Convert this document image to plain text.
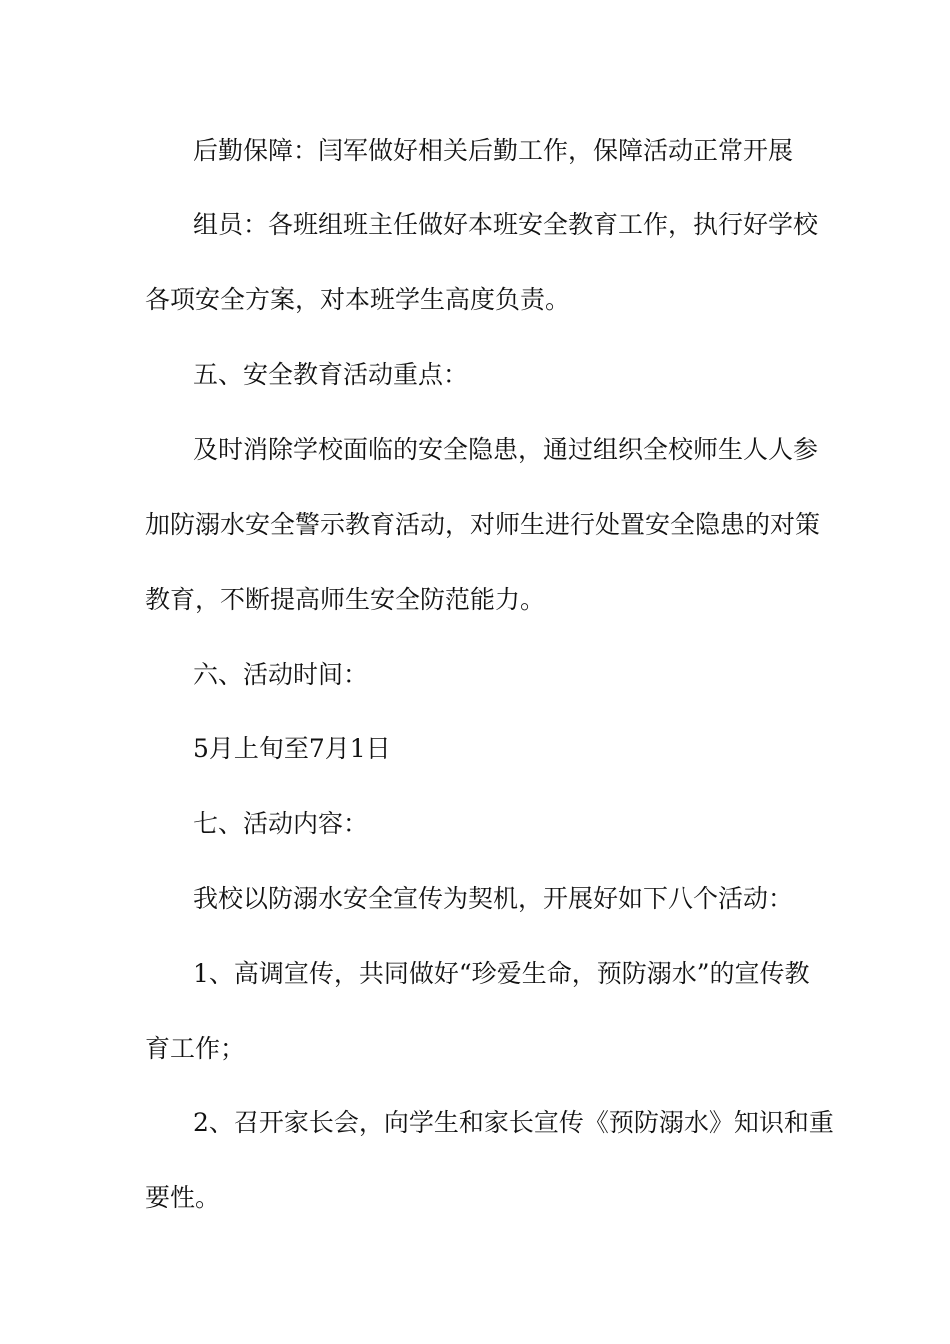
后勤保障：闫军做好相关后勤工作，保障活动正常开展
组员：各班组班主任做好本班安全教育工作，执行好学校
各项安全方案，对本班学生高度负责。
五、安全教育活动重点：
及时消除学校面临的安全隐患，通过组织全校师生人人参
加防溺水安全警示教育活动，对师生进行处置安全隐患的对策
教育，不断提高师生安全防范能力。
六、活动时间：
5月上旬至7月1日
七、活动内容：
我校以防溺水安全宣传为契机，开展好如下八个活动：
1、高调宣传，共同做好“珍爱生命，预防溺水”的宣传教
育工作；
2、召开家长会，向学生和家长宣传《预防溺水》知识和重
要性。
